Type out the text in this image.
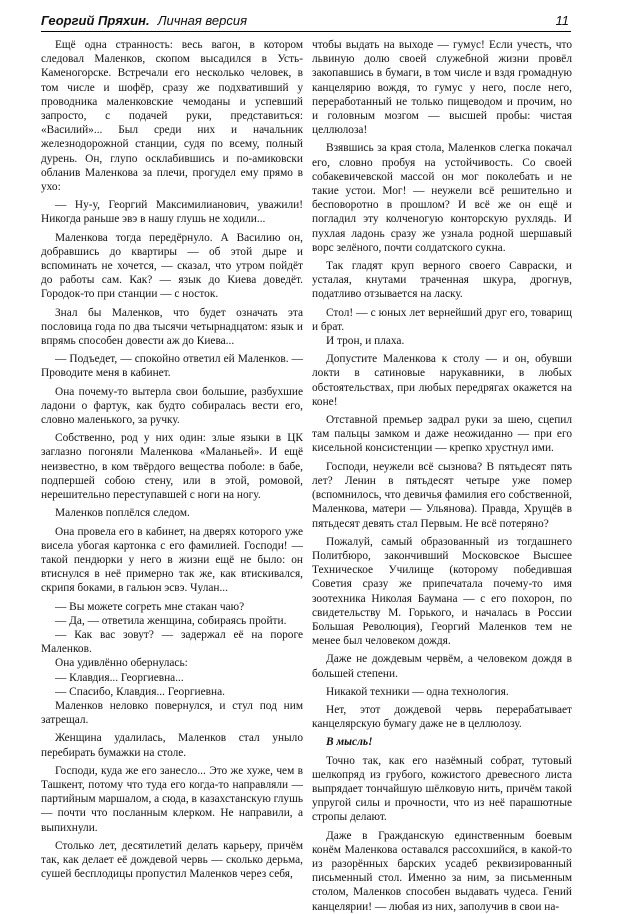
Георгий Пряхин. Личная версия	11

Ещё одна странность: весь вагон, в котором следовал Маленков, скопом высадился в Усть-Каменогорске. Встречали его несколько человек, в том числе и шофёр, сразу же подхвативший у проводника маленковские чемоданы и успевший запросто, с подачей руки, представиться: «Василий»... Был среди них и начальник железнодорожной станции, судя по всему, полный дурень. Он, глупо осклабившись и по-амиковски обланив Маленкова за плечи, прогудел ему прямо в ухо:

— Ну-у, Георгий Максимилианович, уважили! Никогда раньше эвэ в нашу глушь не ходили...

Маленкова тогда передёрнуло. А Василию он, добравшись до квартиры — об этой дыре и вспоминать не хочется, — сказал, что утром пойдёт до работы сам. Как? — язык до Киева доведёт. Городок-то при станции — с носток.

Знал бы Маленков, что будет означать эта пословица года по два тысячи четырнадцатом: язык и впрямь способен довести аж до Киева...

— Подъедет, — спокойно ответил ей Маленков. — Проводите меня в кабинет.

Она почему-то вытерла свои большие, разбухшие ладони о фартук, как будто собиралась вести его, словно маленького, за ручку.

Собственно, род у них один: злые языки в ЦК заглазно погоняли Маленкова «Маланьей». И ещё неизвестно, в ком твёрдого вещества поболе: в бабе, подпершей собою стену, или в этой, ромовой, нерешительно переступавшей с ноги на ногу.

Маленков поплёлся следом.

Она провела его в кабинет, на дверях которого уже висела убогая картонка с его фамилией. Господи! — такой пендюрки у него в жизни ещё не было: он втиснулся в неё примерно так же, как втискивался, скрипя боками, в гальюн эсвэ. Чулан...

— Вы можете согреть мне стакан чаю?

— Да, — ответила женщина, собираясь пройти.

— Как вас зовут? — задержал её на пороге Маленков.

Она удивлённо обернулась:

— Клавдия... Георгиевна...

— Спасибо, Клавдия... Георгиевна.

Маленков неловко повернулся, и стул под ним затрещал.

Женщина удалилась, Маленков стал уныло перебирать бумажки на столе.

Господи, куда же его занесло... Это же хуже, чем в Ташкент, потому что туда его когда-то направляли — партийным маршалом, а сюда, в казахстанскую глушь — почти что посланным клерком. Не направили, а выпихнули.

Столько лет, десятилетий делать карьеру, причём так, как делает её дождевой червь — сколько дерьма, сушей бесплодицы пропустил Маленков через себя,

чтобы выдать на выходе — гумус! Если учесть, что львиную долю своей служебной жизни провёл закопавшись в бумаги, в том числе и вздя громадную канцелярию вождя, то гумус у него, после него, переработанный не только пищеводом и прочим, но и головным мозгом — высшей пробы: чистая целлюлоза!

Взявшись за края стола, Маленков слегка покачал его, словно пробуя на устойчивость. Со своей собакевичевской массой он мог поколебать и не такие устои. Мог! — неужели всё решительно и бесповоротно в прошлом? И всё же он ещё и погладил эту колченогую конторскую рухлядь. И пухлая ладонь сразу же узнала родной шершавый ворс зелёного, почти солдатского сукна.

Так гладят круп верного своего Савраски, и усталая, кнутами траченная шкура, дрогнув, податливо отзывается на ласку.

Стол! — с юных лет вернейший друг его, товарищ и брат.

И трон, и плаха.

Допустите Маленкова к столу — и он, обувши локти в сатиновые нарукавники, в любых обстоятельствах, при любых передрягах окажется на коне!

Отставной премьер задрал руки за шею, сцепил там пальцы замком и даже неожиданно — при его кисельной консистенции — крепко хрустнул ими.

Господи, неужели всё сызнова? В пятьдесят пять лет? Ленин в пятьдесят четыре уже помер (вспомнилось, что девичья фамилия его собственной, Маленкова, матери — Ульянова). Правда, Хрущёв в пятьдесят девять стал Первым. Не всё потеряно?

Пожалуй, самый образованный из тогдашнего Политбюро, закончивший Московское Высшее Техническое Училище (которому победившая Советия сразу же припечатала почему-то имя зоотехника Николая Баумана — с его похорон, по свидетельству М. Горького, и началась в России Большая Революция), Георгий Маленков тем не менее был человеком дождя.

Даже не дождевым червём, а человеком дождя в большей степени.

Никакой техники — одна технология.

Нет, этот дождевой червь перерабатывает канцелярскую бумагу даже не в целлюлозу.

В мысль!

Точно так, как его назёмный собрат, тутовый шелкопряд из грубого, кожистого древесного листа выпрядает тончайшую шёлковую нить, причём такой упругой силы и прочности, что из неё парашютные стропы делают.

Даже в Гражданскую единственным боевым конём Маленкова оставался рассохшийся, в какой-то из разорённых барских усадеб реквизированный письменный стол. Именно за ним, за письменным столом, Маленков способен выдавать чудеса. Гений канцелярии! — любая из них, заполучив в свои на-
